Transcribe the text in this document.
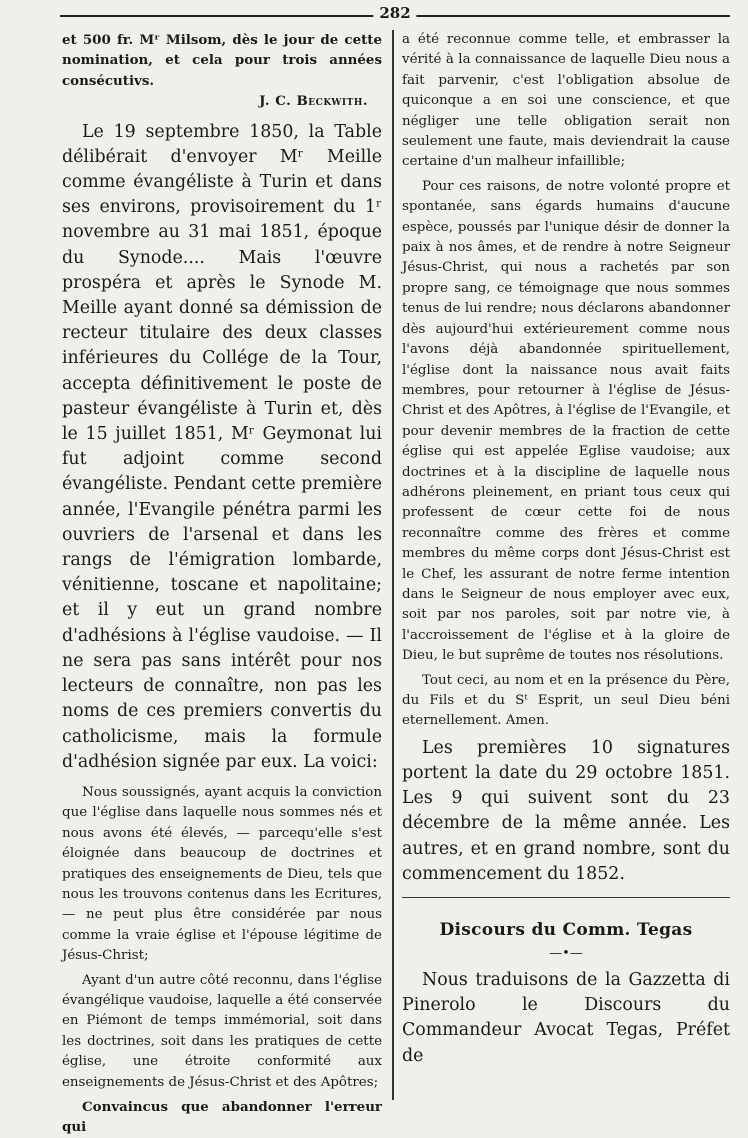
282

et 500 fr. Mʳ Milsom, dès le jour de cette nomination, et cela pour trois années consécutivs.

J. C. Beckwith.

Le 19 septembre 1850, la Table délibérait d'envoyer Mʳ Meille comme évangéliste à Turin et dans ses environs, provisoirement du 1ʳ novembre au 31 mai 1851, époque du Synode.... Mais l'œuvre prospéra et après le Synode M. Meille ayant donné sa démission de recteur titulaire des deux classes inférieures du Collége de la Tour, accepta définitivement le poste de pasteur évangéliste à Turin et, dès le 15 juillet 1851, Mʳ Geymonat lui fut adjoint comme second évangéliste. Pendant cette première année, l'Evangile pénétra parmi les ouvriers de l'arsenal et dans les rangs de l'émigration lombarde, vénitienne, toscane et napolitaine; et il y eut un grand nombre d'adhésions à l'église vaudoise. — Il ne sera pas sans intérêt pour nos lecteurs de connaître, non pas les noms de ces premiers convertis du catholicisme, mais la formule d'adhésion signée par eux. La voici:

Nous soussignés, ayant acquis la conviction que l'église dans laquelle nous sommes nés et nous avons été élevés, — parcequ'elle s'est éloignée dans beaucoup de doctrines et pratiques des enseignements de Dieu, tels que nous les trouvons contenus dans les Ecritures, — ne peut plus être considérée par nous comme la vraie église et l'épouse légitime de Jésus-Christ;

Ayant d'un autre côté reconnu, dans l'église évangélique vaudoise, laquelle a été conservée en Piémont de temps immémorial, soit dans les doctrines, soit dans les pratiques de cette église, une étroite conformité aux enseignements de Jésus-Christ et des Apôtres;

Convaincus que abandonner l'erreur qui

a été reconnue comme telle, et embrasser la vérité à la connaissance de laquelle Dieu nous a fait parvenir, c'est l'obligation absolue de quiconque a en soi une conscience, et que négliger une telle obligation serait non seulement une faute, mais deviendrait la cause certaine d'un malheur infaillible;

Pour ces raisons, de notre volonté propre et spontanée, sans égards humains d'aucune espèce, poussés par l'unique désir de donner la paix à nos âmes, et de rendre à notre Seigneur Jésus-Christ, qui nous a rachetés par son propre sang, ce témoignage que nous sommes tenus de lui rendre; nous déclarons abandonner dès aujourd'hui extérieurement comme nous l'avons déjà abandonnée spirituellement, l'église dont la naissance nous avait faits membres, pour retourner à l'église de Jésus-Christ et des Apôtres, à l'église de l'Evangile, et pour devenir membres de la fraction de cette église qui est appelée Eglise vaudoise; aux doctrines et à la discipline de laquelle nous adhérons pleinement, en priant tous ceux qui professent de cœur cette foi de nous reconnaître comme des frères et comme membres du même corps dont Jésus-Christ est le Chef, les assurant de notre ferme intention dans le Seigneur de nous employer avec eux, soit par nos paroles, soit par notre vie, à l'accroissement de l'église et à la gloire de Dieu, le but suprême de toutes nos résolutions.

Tout ceci, au nom et en la présence du Père, du Fils et du Sᵗ Esprit, un seul Dieu béni eternellement. Amen.

Les premières 10 signatures portent la date du 29 octobre 1851. Les 9 qui suivent sont du 23 décembre de la même année. Les autres, et en grand nombre, sont du commencement du 1852.

Discours du Comm. Tegas
—•—

Nous traduisons de la Gazzetta di Pinerolo le Discours du Commandeur Avocat Tegas, Préfet de
